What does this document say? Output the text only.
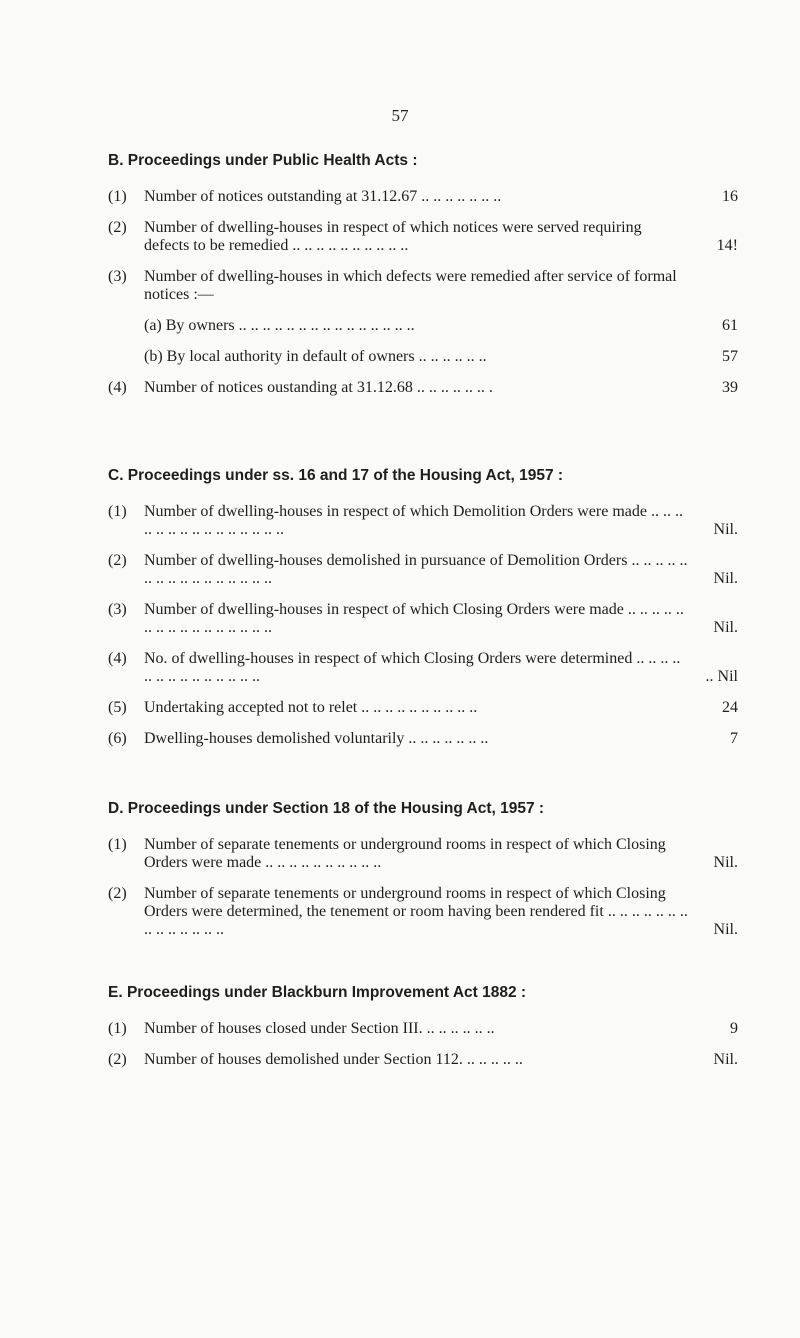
57
B. Proceedings under Public Health Acts :
(1)	Number of notices outstanding at 31.12.67 .. .. .. .. .. .. ..	16
(2)	Number of dwelling-houses in respect of which notices were served requiring defects to be remedied .. .. .. .. .. .. .. .. .. ..	14!
(3)	Number of dwelling-houses in which defects were remedied after service of formal notices :—
(a) By owners .. .. .. .. .. .. .. .. .. .. .. .. .. .. ..	61
(b) By local authority in default of owners .. .. .. .. .. ..	57
(4)	Number of notices oustanding at 31.12.68 .. .. .. .. .. .. .	39
C. Proceedings under ss. 16 and 17 of the Housing Act, 1957 :
(1)	Number of dwelling-houses in respect of which Demolition Orders were made .. .. .. .. .. .. .. .. .. .. .. .. .. .. ..	Nil.
(2)	Number of dwelling-houses demolished in pursuance of Demolition Orders .. .. .. .. .. .. .. .. .. .. .. .. .. .. .. ..	Nil.
(3)	Number of dwelling-houses in respect of which Closing Orders were made .. .. .. .. .. .. .. .. .. .. .. .. .. .. .. ..	Nil.
(4)	No. of dwelling-houses in respect of which Closing Orders were determined .. .. .. .. .. .. .. .. .. .. .. .. .. ..	.. Nil
(5)	Undertaking accepted not to relet .. .. .. .. .. .. .. .. .. ..	24
(6)	Dwelling-houses demolished voluntarily .. .. .. .. .. .. ..	7
D. Proceedings under Section 18 of the Housing Act, 1957 :
(1)	Number of separate tenements or underground rooms in respect of which Closing Orders were made .. .. .. .. .. .. .. .. .. ..	Nil.
(2)	Number of separate tenements or underground rooms in respect of which Closing Orders were determined, the tenement or room having been rendered fit .. .. .. .. .. .. .. .. .. .. .. .. .. ..	Nil.
E. Proceedings under Blackburn Improvement Act 1882 :
(1)	Number of houses closed under Section III. .. .. .. .. .. ..	9
(2)	Number of houses demolished under Section 112. .. .. .. .. ..	Nil.
